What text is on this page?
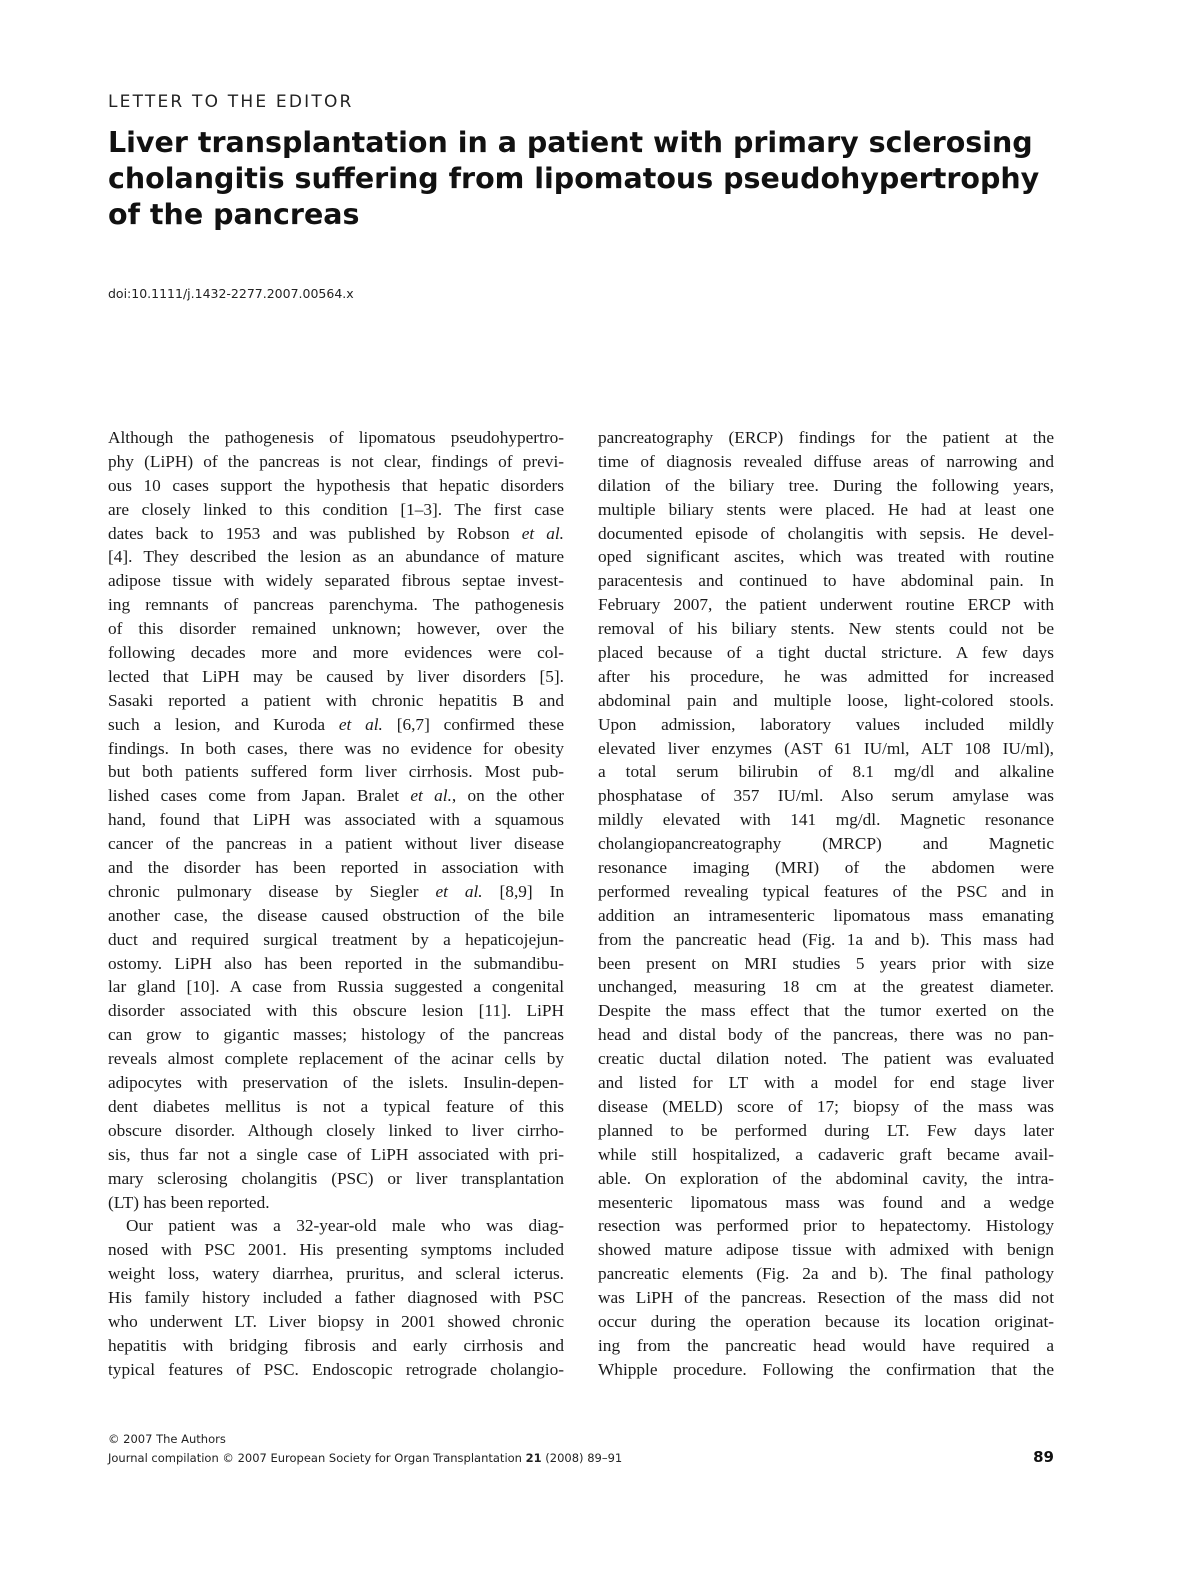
LETTER TO THE EDITOR
Liver transplantation in a patient with primary sclerosing
cholangitis suffering from lipomatous pseudohypertrophy
of the pancreas
doi:10.1111/j.1432-2277.2007.00564.x
Although the pathogenesis of lipomatous pseudohypertro-
phy (LiPH) of the pancreas is not clear, findings of previ-
ous 10 cases support the hypothesis that hepatic disorders
are closely linked to this condition [1–3]. The first case
dates back to 1953 and was published by Robson et al.
[4]. They described the lesion as an abundance of mature
adipose tissue with widely separated fibrous septae invest-
ing remnants of pancreas parenchyma. The pathogenesis
of this disorder remained unknown; however, over the
following decades more and more evidences were col-
lected that LiPH may be caused by liver disorders [5].
Sasaki reported a patient with chronic hepatitis B and
such a lesion, and Kuroda et al. [6,7] confirmed these
findings. In both cases, there was no evidence for obesity
but both patients suffered form liver cirrhosis. Most pub-
lished cases come from Japan. Bralet et al., on the other
hand, found that LiPH was associated with a squamous
cancer of the pancreas in a patient without liver disease
and the disorder has been reported in association with
chronic pulmonary disease by Siegler et al. [8,9] In
another case, the disease caused obstruction of the bile
duct and required surgical treatment by a hepaticojejun-
ostomy. LiPH also has been reported in the submandibu-
lar gland [10]. A case from Russia suggested a congenital
disorder associated with this obscure lesion [11]. LiPH
can grow to gigantic masses; histology of the pancreas
reveals almost complete replacement of the acinar cells by
adipocytes with preservation of the islets. Insulin-depen-
dent diabetes mellitus is not a typical feature of this
obscure disorder. Although closely linked to liver cirrho-
sis, thus far not a single case of LiPH associated with pri-
mary sclerosing cholangitis (PSC) or liver transplantation
(LT) has been reported.
Our patient was a 32-year-old male who was diag-
nosed with PSC 2001. His presenting symptoms included
weight loss, watery diarrhea, pruritus, and scleral icterus.
His family history included a father diagnosed with PSC
who underwent LT. Liver biopsy in 2001 showed chronic
hepatitis with bridging fibrosis and early cirrhosis and
typical features of PSC. Endoscopic retrograde cholangio-
pancreatography (ERCP) findings for the patient at the
time of diagnosis revealed diffuse areas of narrowing and
dilation of the biliary tree. During the following years,
multiple biliary stents were placed. He had at least one
documented episode of cholangitis with sepsis. He devel-
oped significant ascites, which was treated with routine
paracentesis and continued to have abdominal pain. In
February 2007, the patient underwent routine ERCP with
removal of his biliary stents. New stents could not be
placed because of a tight ductal stricture. A few days
after his procedure, he was admitted for increased
abdominal pain and multiple loose, light-colored stools.
Upon admission, laboratory values included mildly
elevated liver enzymes (AST 61 IU/ml, ALT 108 IU/ml),
a total serum bilirubin of 8.1 mg/dl and alkaline
phosphatase of 357 IU/ml. Also serum amylase was
mildly elevated with 141 mg/dl. Magnetic resonance
cholangiopancreatography (MRCP) and Magnetic
resonance imaging (MRI) of the abdomen were
performed revealing typical features of the PSC and in
addition an intramesenteric lipomatous mass emanating
from the pancreatic head (Fig. 1a and b). This mass had
been present on MRI studies 5 years prior with size
unchanged, measuring 18 cm at the greatest diameter.
Despite the mass effect that the tumor exerted on the
head and distal body of the pancreas, there was no pan-
creatic ductal dilation noted. The patient was evaluated
and listed for LT with a model for end stage liver
disease (MELD) score of 17; biopsy of the mass was
planned to be performed during LT. Few days later
while still hospitalized, a cadaveric graft became avail-
able. On exploration of the abdominal cavity, the intra-
mesenteric lipomatous mass was found and a wedge
resection was performed prior to hepatectomy. Histology
showed mature adipose tissue with admixed with benign
pancreatic elements (Fig. 2a and b). The final pathology
was LiPH of the pancreas. Resection of the mass did not
occur during the operation because its location originat-
ing from the pancreatic head would have required a
Whipple procedure. Following the confirmation that the
© 2007 The Authors
Journal compilation © 2007 European Society for Organ Transplantation 21 (2008) 89–91	89
